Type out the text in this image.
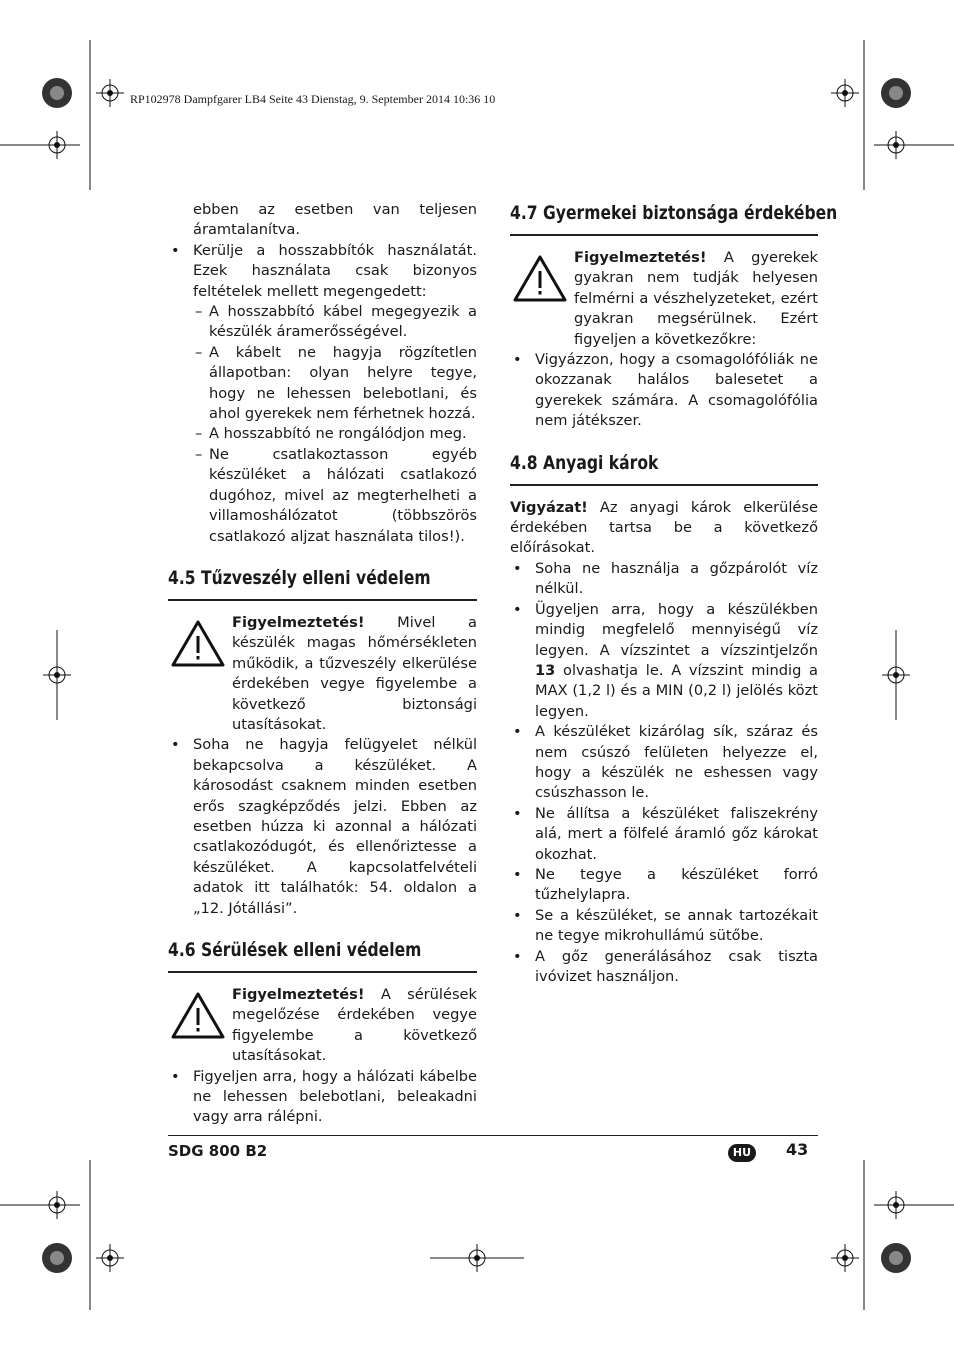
RP102978 Dampfgarer LB4 Seite 43 Dienstag, 9. September 2014 10:36 10

ebben az esetben van teljesen áramtalanítva.

• Kerülje a hosszabbítók használatát. Ezek használata csak bizonyos feltételek mellett megengedett:

– A hosszabbító kábel megegyezik a készülék áramerősségével.

– A kábelt ne hagyja rögzítetlen állapotban: olyan helyre tegye, hogy ne lehessen belebotlani, és ahol gyerekek nem férhetnek hozzá.

– A hosszabbító ne rongálódjon meg.

– Ne csatlakoztasson egyéb készüléket a hálózati csatlakozó dugóhoz, mivel az megterhelheti a villamoshálózatot (többszörös csatlakozó aljzat használata tilos!).

4.5 Tűzveszély elleni védelem

Figyelmeztetés! Mivel a készülék magas hőmérsékleten működik, a tűzveszély elkerülése érdekében vegye figyelembe a következő biztonsági utasításokat.

• Soha ne hagyja felügyelet nélkül bekapcsolva a készüléket. A károsodást csaknem minden esetben erős szagképződés jelzi. Ebben az esetben húzza ki azonnal a hálózati csatlakozódugót, és ellenőriztesse a készüléket. A kapcsolatfelvételi adatok itt találhatók: 54. oldalon a „12. Jótállási”.

4.6 Sérülések elleni védelem

Figyelmeztetés! A sérülések megelőzése érdekében vegye figyelembe a következő utasításokat.

• Figyeljen arra, hogy a hálózati kábelbe ne lehessen belebotlani, beleakadni vagy arra rálépni.

4.7 Gyermekei biztonsága érdekében

Figyelmeztetés! A gyerekek gyakran nem tudják helyesen felmérni a vészhelyzeteket, ezért gyakran megsérülnek. Ezért figyeljen a következőkre:

• Vigyázzon, hogy a csomagolófóliák ne okozzanak halálos balesetet a gyerekek számára. A csomagolófólia nem játékszer.

4.8 Anyagi károk

Vigyázat! Az anyagi károk elkerülése érdekében tartsa be a következő előírásokat.

• Soha ne használja a gőzpárolót víz nélkül.

• Ügyeljen arra, hogy a készülékben mindig megfelelő mennyiségű víz legyen. A vízszintet a vízszintjelzőn 13 olvashatja le. A vízszint mindig a MAX (1,2 l) és a MIN (0,2 l) jelölés közt legyen.

• A készüléket kizárólag sík, száraz és nem csúszó felületen helyezze el, hogy a készülék ne eshessen vagy csúszhasson le.

• Ne állítsa a készüléket faliszekrény alá, mert a fölfelé áramló gőz károkat okozhat.

• Ne tegye a készüléket forró tűzhelylapra.

• Se a készüléket, se annak tartozékait ne tegye mikrohullámú sütőbe.

• A gőz generálásához csak tiszta ivóvizet használjon.

SDG 800 B2	HU	43
